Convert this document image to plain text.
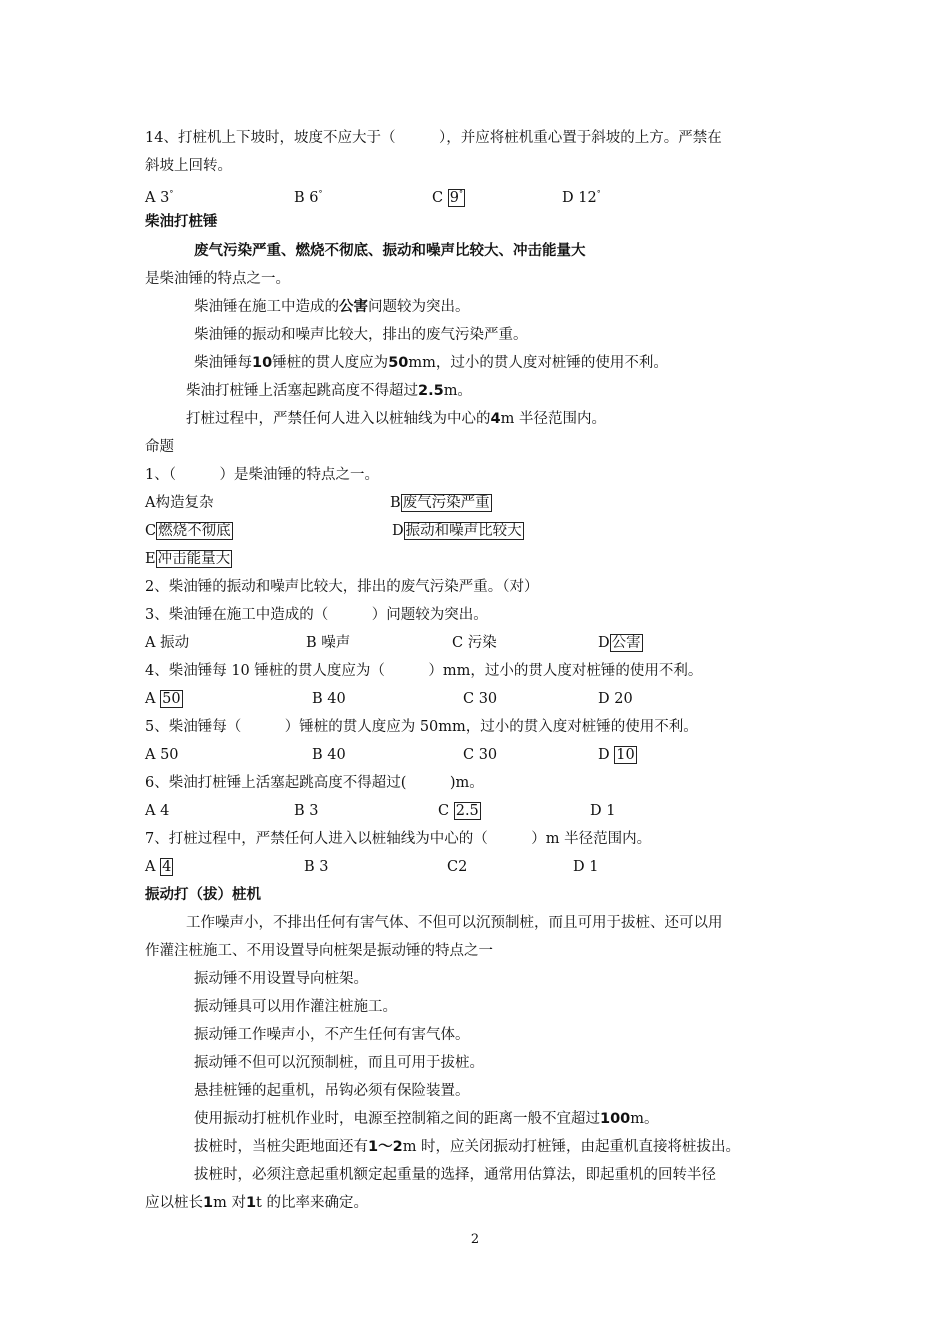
14、打桩机上下坡时，坡度不应大于（　　　），并应将桩机重心置于斜坡的上方。严禁在
斜坡上回转。
A 3°	B 6°	C 9°	D 12°
柴油打桩锤
废气污染严重、燃烧不彻底、振动和噪声比较大、冲击能量大
是柴油锤的特点之一。
柴油锤在施工中造成的公害问题较为突出。
柴油锤的振动和噪声比较大，排出的废气污染严重。
柴油锤每10锤桩的贯人度应为50mm，过小的贯人度对桩锤的使用不利。
柴油打桩锤上活塞起跳高度不得超过2.5m。
打桩过程中，严禁任何人进入以桩轴线为中心的4m 半径范围内。
命题
1、（　　　）是柴油锤的特点之一。
A构造复杂	B 废气污染严重
C 燃烧不彻底	D 振动和噪声比较大
E 冲击能量大
2、柴油锤的振动和噪声比较大，排出的废气污染严重。（对）
3、柴油锤在施工中造成的（　　　）问题较为突出。
A 振动	B 噪声	C 污染	D 公害
4、柴油锤每 10 锤桩的贯人度应为（　　　）mm，过小的贯人度对桩锤的使用不利。
A 50	B 40	C 30	D 20
5、柴油锤每（　　　）锤桩的贯人度应为 50mm，过小的贯入度对桩锤的使用不利。
A 50	B 40	C 30	D 10
6、柴油打桩锤上活塞起跳高度不得超过(　　　)m。
A 4	B 3	C 2.5	D 1
7、打桩过程中，严禁任何人进入以桩轴线为中心的（　　　）m 半径范围内。
A 4	B 3	C2	D 1
振动打（拔）桩机
工作噪声小，不排出任何有害气体、不但可以沉预制桩，而且可用于拔桩、还可以用
作灌注桩施工、不用设置导向桩架是振动锤的特点之一
振动锤不用设置导向桩架。
振动锤具可以用作灌注桩施工。
振动锤工作噪声小，不产生任何有害气体。
振动锤不但可以沉预制桩，而且可用于拔桩。
悬挂桩锤的起重机，吊钩必须有保险装置。
使用振动打桩机作业时，电源至控制箱之间的距离一般不宜超过100m。
拔桩时，当桩尖距地面还有1～2m 时，应关闭振动打桩锤，由起重机直接将桩拔出。
拔桩时，必须注意起重机额定起重量的选择，通常用估算法，即起重机的回转半径
应以桩长1m 对1t 的比率来确定。
2
